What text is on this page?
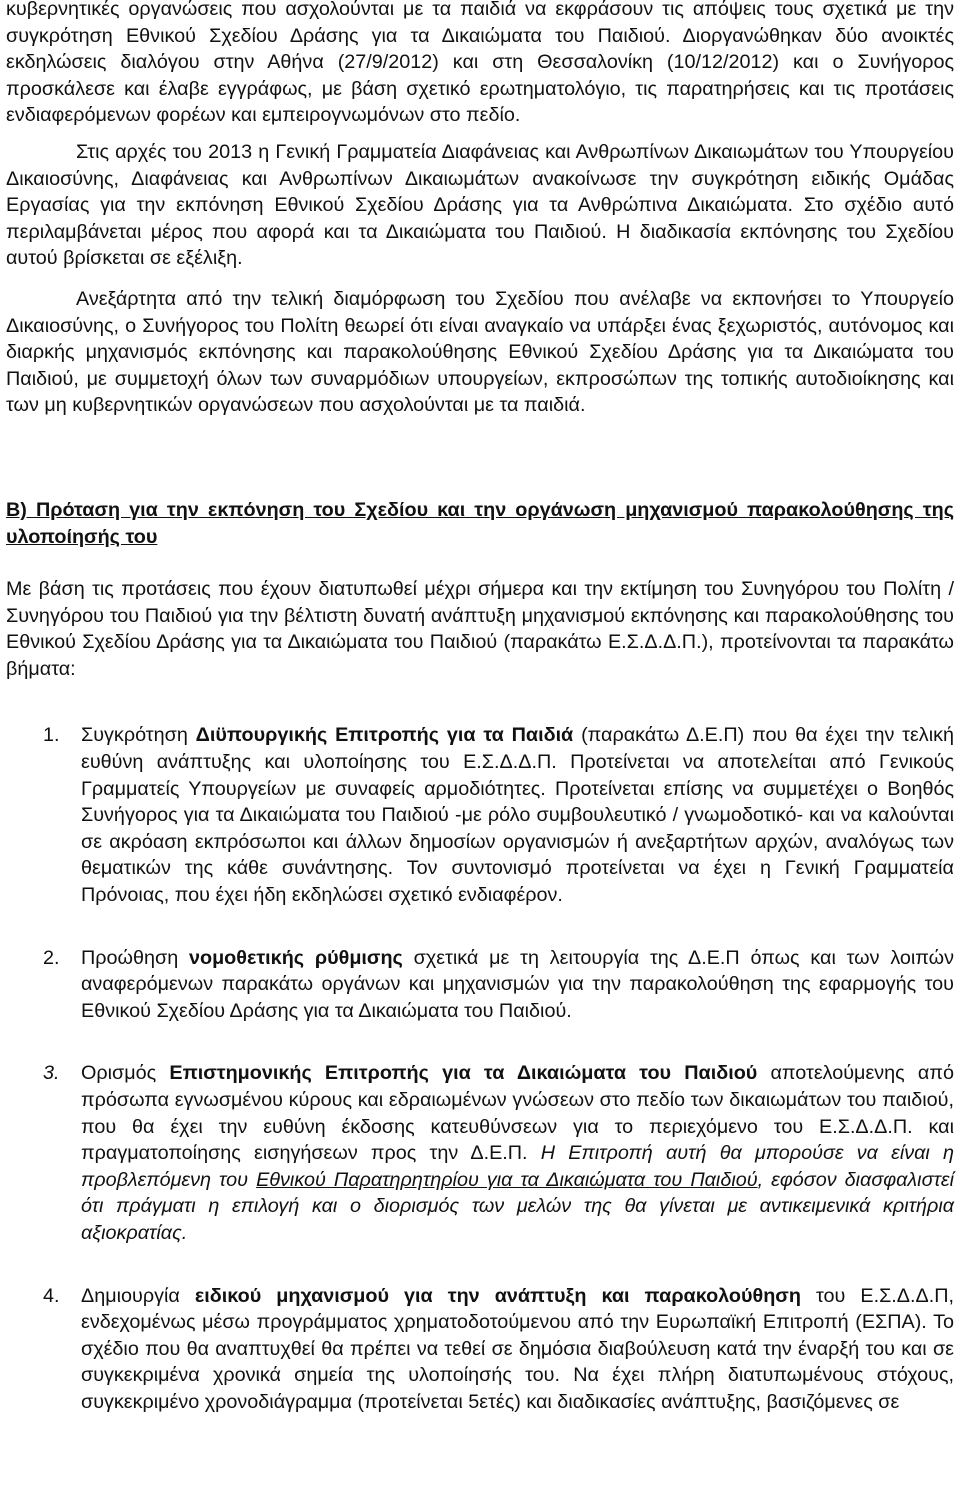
κυβερνητικές οργανώσεις που ασχολούνται με τα παιδιά να εκφράσουν τις απόψεις τους σχετικά με την συγκρότηση Εθνικού Σχεδίου Δράσης για τα Δικαιώματα του Παιδιού. Διοργανώθηκαν δύο ανοικτές εκδηλώσεις διαλόγου στην Αθήνα (27/9/2012) και στη Θεσσαλονίκη (10/12/2012) και ο Συνήγορος προσκάλεσε και έλαβε εγγράφως, με βάση σχετικό ερωτηματολόγιο, τις παρατηρήσεις και τις προτάσεις ενδιαφερόμενων φορέων και εμπειρογνωμόνων στο πεδίο.

Στις αρχές του 2013 η Γενική Γραμματεία Διαφάνειας και Ανθρωπίνων Δικαιωμάτων του Υπουργείου Δικαιοσύνης, Διαφάνειας και Ανθρωπίνων Δικαιωμάτων ανακοίνωσε την συγκρότηση ειδικής Ομάδας Εργασίας για την εκπόνηση Εθνικού Σχεδίου Δράσης για τα Ανθρώπινα Δικαιώματα. Στο σχέδιο αυτό περιλαμβάνεται μέρος που αφορά και τα Δικαιώματα του Παιδιού. Η διαδικασία εκπόνησης του Σχεδίου αυτού βρίσκεται σε εξέλιξη.

Ανεξάρτητα από την τελική διαμόρφωση του Σχεδίου που ανέλαβε να εκπονήσει το Υπουργείο Δικαιοσύνης, ο Συνήγορος του Πολίτη θεωρεί ότι είναι αναγκαίο να υπάρξει ένας ξεχωριστός, αυτόνομος και διαρκής μηχανισμός εκπόνησης και παρακολούθησης Εθνικού Σχεδίου Δράσης για τα Δικαιώματα του Παιδιού, με συμμετοχή όλων των συναρμόδιων υπουργείων, εκπροσώπων της τοπικής αυτοδιοίκησης και των μη κυβερνητικών οργανώσεων που ασχολούνται με τα παιδιά.

Β) Πρόταση για την εκπόνηση του Σχεδίου και την οργάνωση μηχανισμού παρακολούθησης της υλοποίησής του

Με βάση τις προτάσεις που έχουν διατυπωθεί μέχρι σήμερα και την εκτίμηση του Συνηγόρου του Πολίτη / Συνηγόρου του Παιδιού για την βέλτιστη δυνατή ανάπτυξη μηχανισμού εκπόνησης και παρακολούθησης του Εθνικού Σχεδίου Δράσης για τα Δικαιώματα του Παιδιού (παρακάτω Ε.Σ.Δ.Δ.Π.), προτείνονται τα παρακάτω βήματα:

1. Συγκρότηση Διϋπουργικής Επιτροπής για τα Παιδιά (παρακάτω Δ.Ε.Π) που θα έχει την τελική ευθύνη ανάπτυξης και υλοποίησης του Ε.Σ.Δ.Δ.Π. Προτείνεται να αποτελείται από Γενικούς Γραμματείς Υπουργείων με συναφείς αρμοδιότητες. Προτείνεται επίσης να συμμετέχει ο Βοηθός Συνήγορος για τα Δικαιώματα του Παιδιού -με ρόλο συμβουλευτικό / γνωμοδοτικό- και να καλούνται σε ακρόαση εκπρόσωποι και άλλων δημοσίων οργανισμών ή ανεξαρτήτων αρχών, αναλόγως των θεματικών της κάθε συνάντησης. Τον συντονισμό προτείνεται να έχει η Γενική Γραμματεία Πρόνοιας, που έχει ήδη εκδηλώσει σχετικό ενδιαφέρον.
2. Προώθηση νομοθετικής ρύθμισης σχετικά με τη λειτουργία της Δ.Ε.Π όπως και των λοιπών αναφερόμενων παρακάτω οργάνων και μηχανισμών για την παρακολούθηση της εφαρμογής του Εθνικού Σχεδίου Δράσης για τα Δικαιώματα του Παιδιού.
3. Ορισμός Επιστημονικής Επιτροπής για τα Δικαιώματα του Παιδιού αποτελούμενης από πρόσωπα εγνωσμένου κύρους και εδραιωμένων γνώσεων στο πεδίο των δικαιωμάτων του παιδιού, που θα έχει την ευθύνη έκδοσης κατευθύνσεων για το περιεχόμενο του Ε.Σ.Δ.Δ.Π. και πραγματοποίησης εισηγήσεων προς την Δ.Ε.Π. Η Επιτροπή αυτή θα μπορούσε να είναι η προβλεπόμενη του Εθνικού Παρατηρητηρίου για τα Δικαιώματα του Παιδιού, εφόσον διασφαλιστεί ότι πράγματι η επιλογή και ο διορισμός των μελών της θα γίνεται με αντικειμενικά κριτήρια αξιοκρατίας.
4. Δημιουργία ειδικού μηχανισμού για την ανάπτυξη και παρακολούθηση του Ε.Σ.Δ.Δ.Π, ενδεχομένως μέσω προγράμματος χρηματοδοτούμενου από την Ευρωπαϊκή Επιτροπή (ΕΣΠΑ). Το σχέδιο που θα αναπτυχθεί θα πρέπει να τεθεί σε δημόσια διαβούλευση κατά την έναρξή του και σε συγκεκριμένα χρονικά σημεία της υλοποίησής του. Να έχει πλήρη διατυπωμένους στόχους, συγκεκριμένο χρονοδιάγραμμα (προτείνεται 5ετές) και διαδικασίες ανάπτυξης, βασιζόμενες σε
